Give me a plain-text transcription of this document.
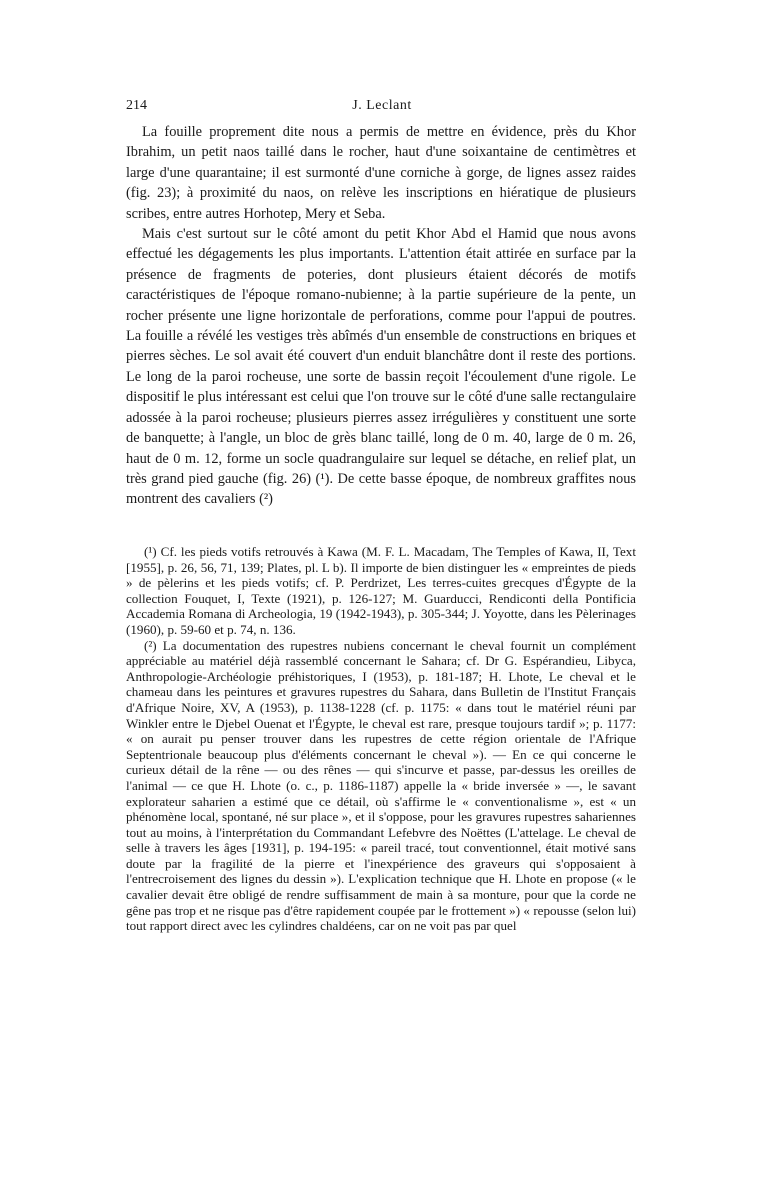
214	J. Leclant

La fouille proprement dite nous a permis de mettre en évidence, près du Khor Ibrahim, un petit naos taillé dans le rocher, haut d'une soixantaine de centimètres et large d'une quarantaine; il est surmonté d'une corniche à gorge, de lignes assez raides (fig. 23); à proximité du naos, on relève les inscriptions en hiératique de plusieurs scribes, entre autres Horhotep, Mery et Seba.

Mais c'est surtout sur le côté amont du petit Khor Abd el Hamid que nous avons effectué les dégagements les plus importants. L'attention était attirée en surface par la présence de fragments de poteries, dont plusieurs étaient décorés de motifs caractéristiques de l'époque romano-nubienne; à la partie supérieure de la pente, un rocher présente une ligne horizontale de perforations, comme pour l'appui de poutres. La fouille a révélé les vestiges très abîmés d'un ensemble de constructions en briques et pierres sèches. Le sol avait été couvert d'un enduit blanchâtre dont il reste des portions. Le long de la paroi rocheuse, une sorte de bassin reçoit l'écoulement d'une rigole. Le dispositif le plus intéressant est celui que l'on trouve sur le côté d'une salle rectangulaire adossée à la paroi rocheuse; plusieurs pierres assez irrégulières y constituent une sorte de banquette; à l'angle, un bloc de grès blanc taillé, long de 0 m. 40, large de 0 m. 26, haut de 0 m. 12, forme un socle quadrangulaire sur lequel se détache, en relief plat, un très grand pied gauche (fig. 26) (¹). De cette basse époque, de nombreux graffites nous montrent des cavaliers (²)

(¹) Cf. les pieds votifs retrouvés à Kawa (M. F. L. Macadam, The Temples of Kawa, II, Text [1955], p. 26, 56, 71, 139; Plates, pl. L b). Il importe de bien distinguer les « empreintes de pieds » de pèlerins et les pieds votifs; cf. P. Perdrizet, Les terres-cuites grecques d'Égypte de la collection Fouquet, I, Texte (1921), p. 126-127; M. Guarducci, Rendiconti della Pontificia Accademia Romana di Archeologia, 19 (1942-1943), p. 305-344; J. Yoyotte, dans les Pèlerinages (1960), p. 59-60 et p. 74, n. 136.

(²) La documentation des rupestres nubiens concernant le cheval fournit un complément appréciable au matériel déjà rassemblé concernant le Sahara; cf. Dr G. Espérandieu, Libyca, Anthropologie-Archéologie préhistoriques, I (1953), p. 181-187; H. Lhote, Le cheval et le chameau dans les peintures et gravures rupestres du Sahara, dans Bulletin de l'Institut Français d'Afrique Noire, XV, A (1953), p. 1138-1228 (cf. p. 1175: « dans tout le matériel réuni par Winkler entre le Djebel Ouenat et l'Égypte, le cheval est rare, presque toujours tardif »; p. 1177: « on aurait pu penser trouver dans les rupestres de cette région orientale de l'Afrique Septentrionale beaucoup plus d'éléments concernant le cheval »). — En ce qui concerne le curieux détail de la rêne — ou des rênes — qui s'incurve et passe, par-dessus les oreilles de l'animal — ce que H. Lhote (o. c., p. 1186-1187) appelle la « bride inversée » —, le savant explorateur saharien a estimé que ce détail, où s'affirme le « conventionalisme », est « un phénomène local, spontané, né sur place », et il s'oppose, pour les gravures rupestres sahariennes tout au moins, à l'interprétation du Commandant Lefebvre des Noëttes (L'attelage. Le cheval de selle à travers les âges [1931], p. 194-195: « pareil tracé, tout conventionnel, était motivé sans doute par la fragilité de la pierre et l'inexpérience des graveurs qui s'opposaient à l'entrecroisement des lignes du dessin »). L'explication technique que H. Lhote en propose (« le cavalier devait être obligé de rendre suffisamment de main à sa monture, pour que la corde ne gêne pas trop et ne risque pas d'être rapidement coupée par le frottement ») « repousse (selon lui) tout rapport direct avec les cylindres chaldéens, car on ne voit pas par quel
